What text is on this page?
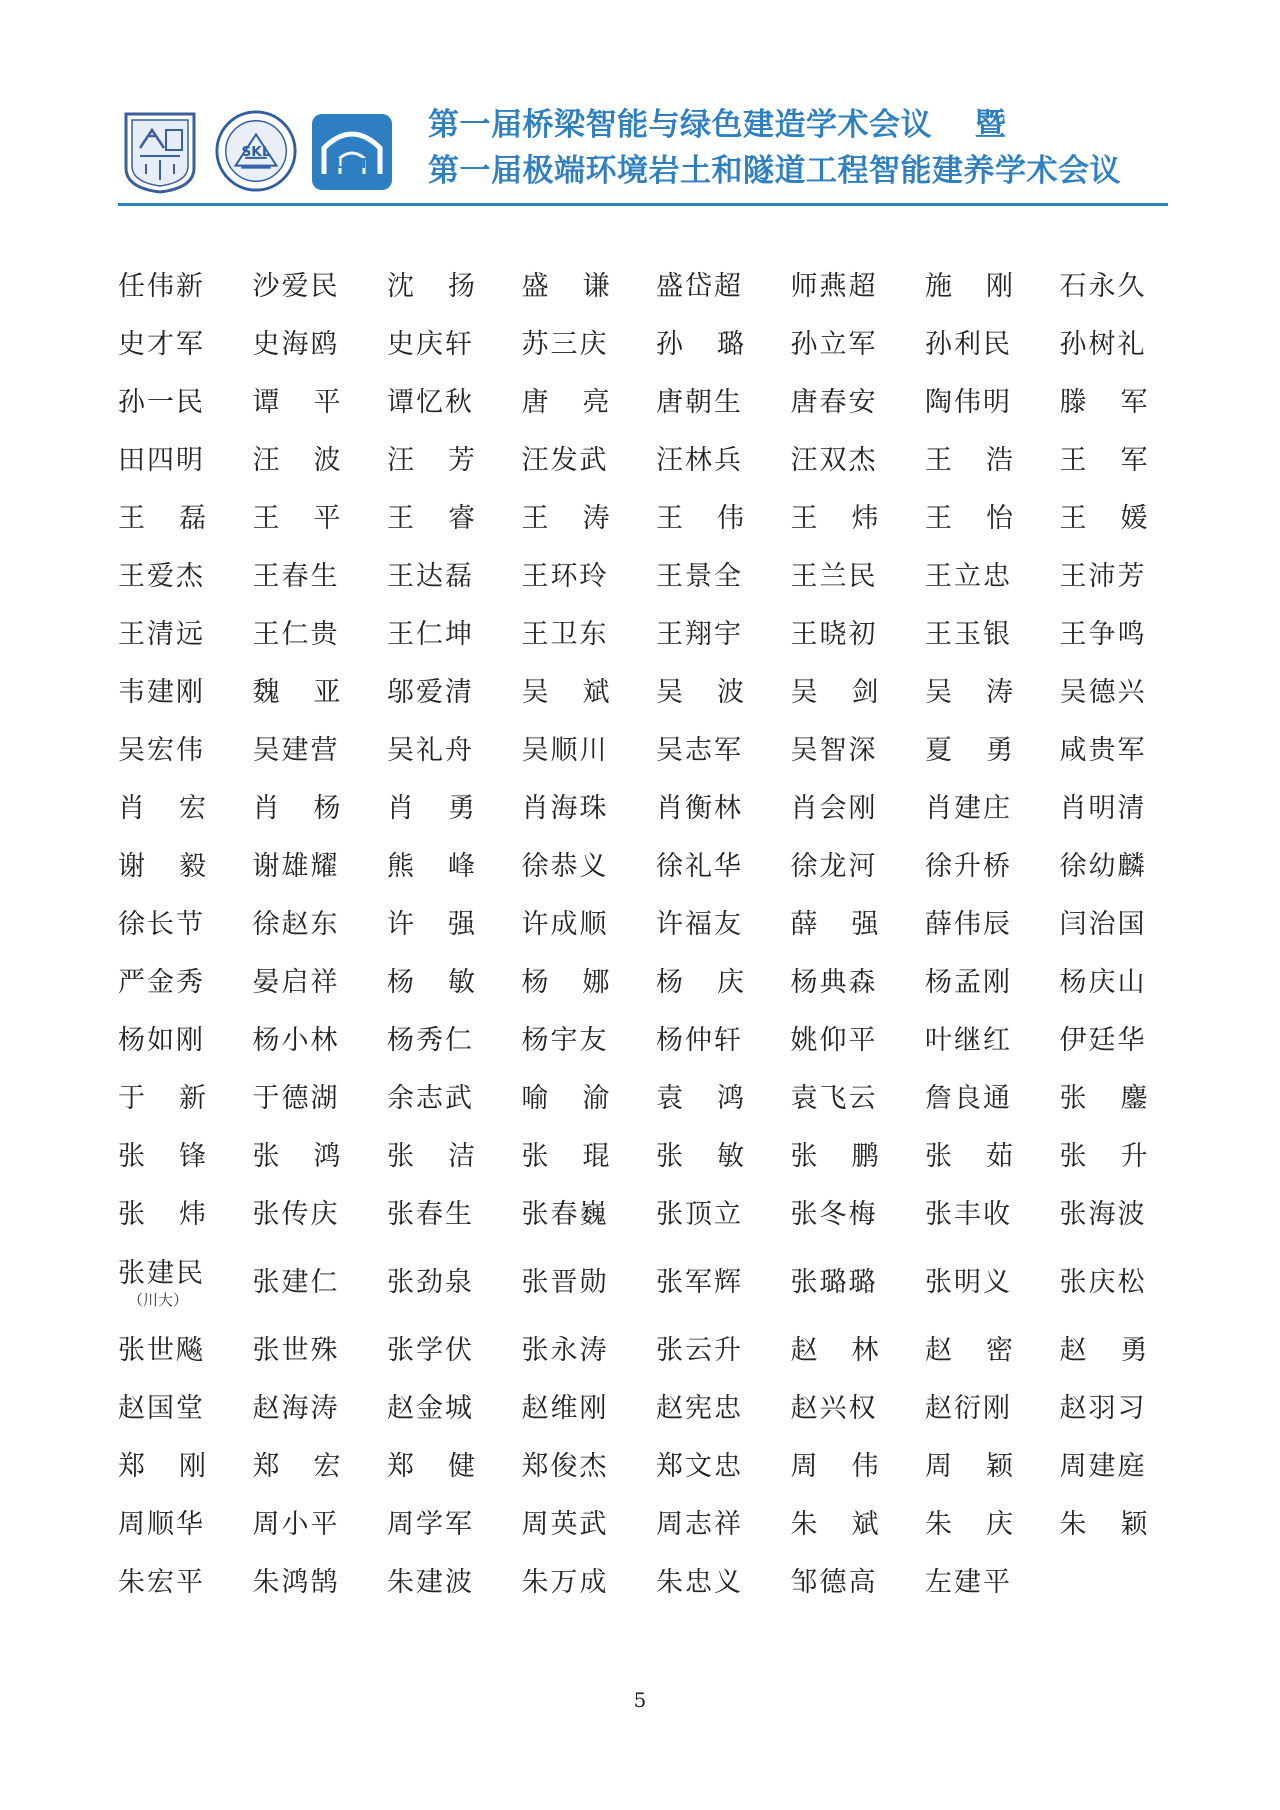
SKL
LIGT
第一届桥梁智能与绿色建造学术会议　 暨
第一届极端环境岩土和隧道工程智能建养学术会议
任伟新 沙爱民 沈 扬 盛 谦 盛岱超 师燕超 施 刚 石永久
史才军 史海鸥 史庆轩 苏三庆 孙 璐 孙立军 孙利民 孙树礼
孙一民 谭 平 谭忆秋 唐 亮 唐朝生 唐春安 陶伟明 滕 军
田四明 汪 波 汪 芳 汪发武 汪林兵 汪双杰 王 浩 王 军
王 磊 王 平 王 睿 王 涛 王 伟 王 炜 王 怡 王 媛
王爱杰 王春生 王达磊 王环玲 王景全 王兰民 王立忠 王沛芳
王清远 王仁贵 王仁坤 王卫东 王翔宇 王晓初 王玉银 王争鸣
韦建刚 魏 亚 邬爱清 吴 斌 吴 波 吴 剑 吴 涛 吴德兴
吴宏伟 吴建营 吴礼舟 吴顺川 吴志军 吴智深 夏 勇 咸贵军
肖 宏 肖 杨 肖 勇 肖海珠 肖衡林 肖会刚 肖建庄 肖明清
谢 毅 谢雄耀 熊 峰 徐恭义 徐礼华 徐龙河 徐升桥 徐幼麟
徐长节 徐赵东 许 强 许成顺 许福友 薛 强 薛伟辰 闫治国
严金秀 晏启祥 杨 敏 杨 娜 杨 庆 杨典森 杨孟刚 杨庆山
杨如刚 杨小林 杨秀仁 杨宇友 杨仲轩 姚仰平 叶继红 伊廷华
于 新 于德湖 余志武 喻 渝 袁 鸿 袁飞云 詹良通 张 鏖
张 锋 张 鸿 张 洁 张 琨 张 敏 张 鹏 张 茹 张 升
张 炜 张传庆 张春生 张春巍 张顶立 张冬梅 张丰收 张海波
张建民
（川大）
张建仁 张劲泉 张晋勋 张军辉 张璐璐 张明义 张庆松
张世飚 张世殊 张学伏 张永涛 张云升 赵 林 赵 密 赵 勇
赵国堂 赵海涛 赵金城 赵维刚 赵宪忠 赵兴权 赵衍刚 赵羽习
郑 刚 郑 宏 郑 健 郑俊杰 郑文忠 周 伟 周 颖 周建庭
周顺华 周小平 周学军 周英武 周志祥 朱 斌 朱 庆 朱 颖
朱宏平 朱鸿鹄 朱建波 朱万成 朱忠义 邹德高 左建平
5
